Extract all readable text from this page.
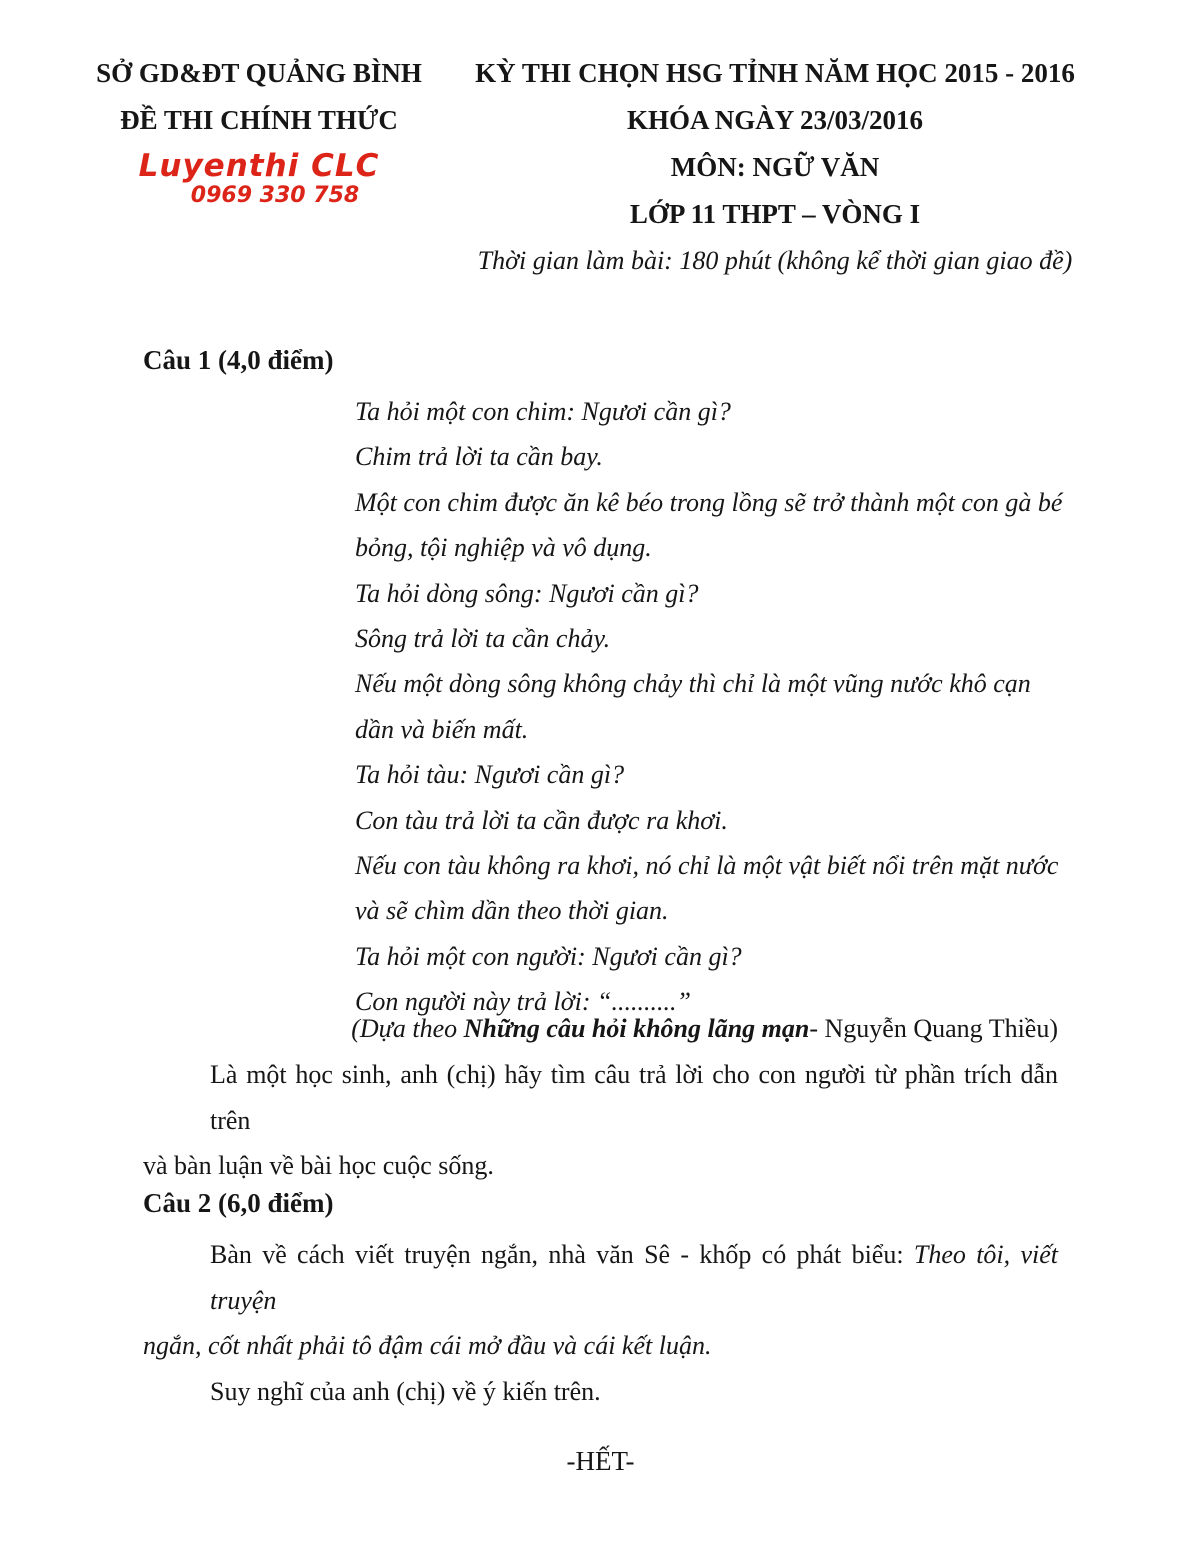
SỞ GD&ĐT QUẢNG BÌNH
ĐỀ THI CHÍNH THỨC
Luyenthi CLC
0969 330 758
KỲ THI CHỌN HSG TỈNH NĂM HỌC 2015 - 2016
KHÓA NGÀY 23/03/2016
MÔN: NGỮ VĂN
LỚP 11 THPT – VÒNG I
Thời gian làm bài: 180 phút (không kể thời gian giao đề)
Câu 1 (4,0 điểm)
Ta hỏi một con chim: Ngươi cần gì?
Chim trả lời ta cần bay.
Một con chim được ăn kê béo trong lồng sẽ trở thành một con gà bé
bỏng, tội nghiệp và vô dụng.
Ta hỏi dòng sông: Ngươi cần gì?
Sông trả lời ta cần chảy.
Nếu một dòng sông không chảy thì chỉ là một vũng nước khô cạn
dần và biến mất.
Ta hỏi tàu: Ngươi cần gì?
Con tàu trả lời ta cần được ra khơi.
Nếu con tàu không ra khơi, nó chỉ là một vật biết nổi trên mặt nước
và sẽ chìm dần theo thời gian.
Ta hỏi một con người: Ngươi cần gì?
Con người này trả lời: “..........”
(Dựa theo Những câu hỏi không lãng mạn- Nguyễn Quang Thiều)
Là một học sinh, anh (chị) hãy tìm câu trả lời cho con người từ phần trích dẫn trên
và bàn luận về bài học cuộc sống.
Câu 2 (6,0 điểm)
Bàn về cách viết truyện ngắn, nhà văn Sê - khốp có phát biểu: Theo tôi, viết truyện
ngắn, cốt nhất phải tô đậm cái mở đầu và cái kết luận.
Suy nghĩ của anh (chị) về ý kiến trên.
-HẾT-
